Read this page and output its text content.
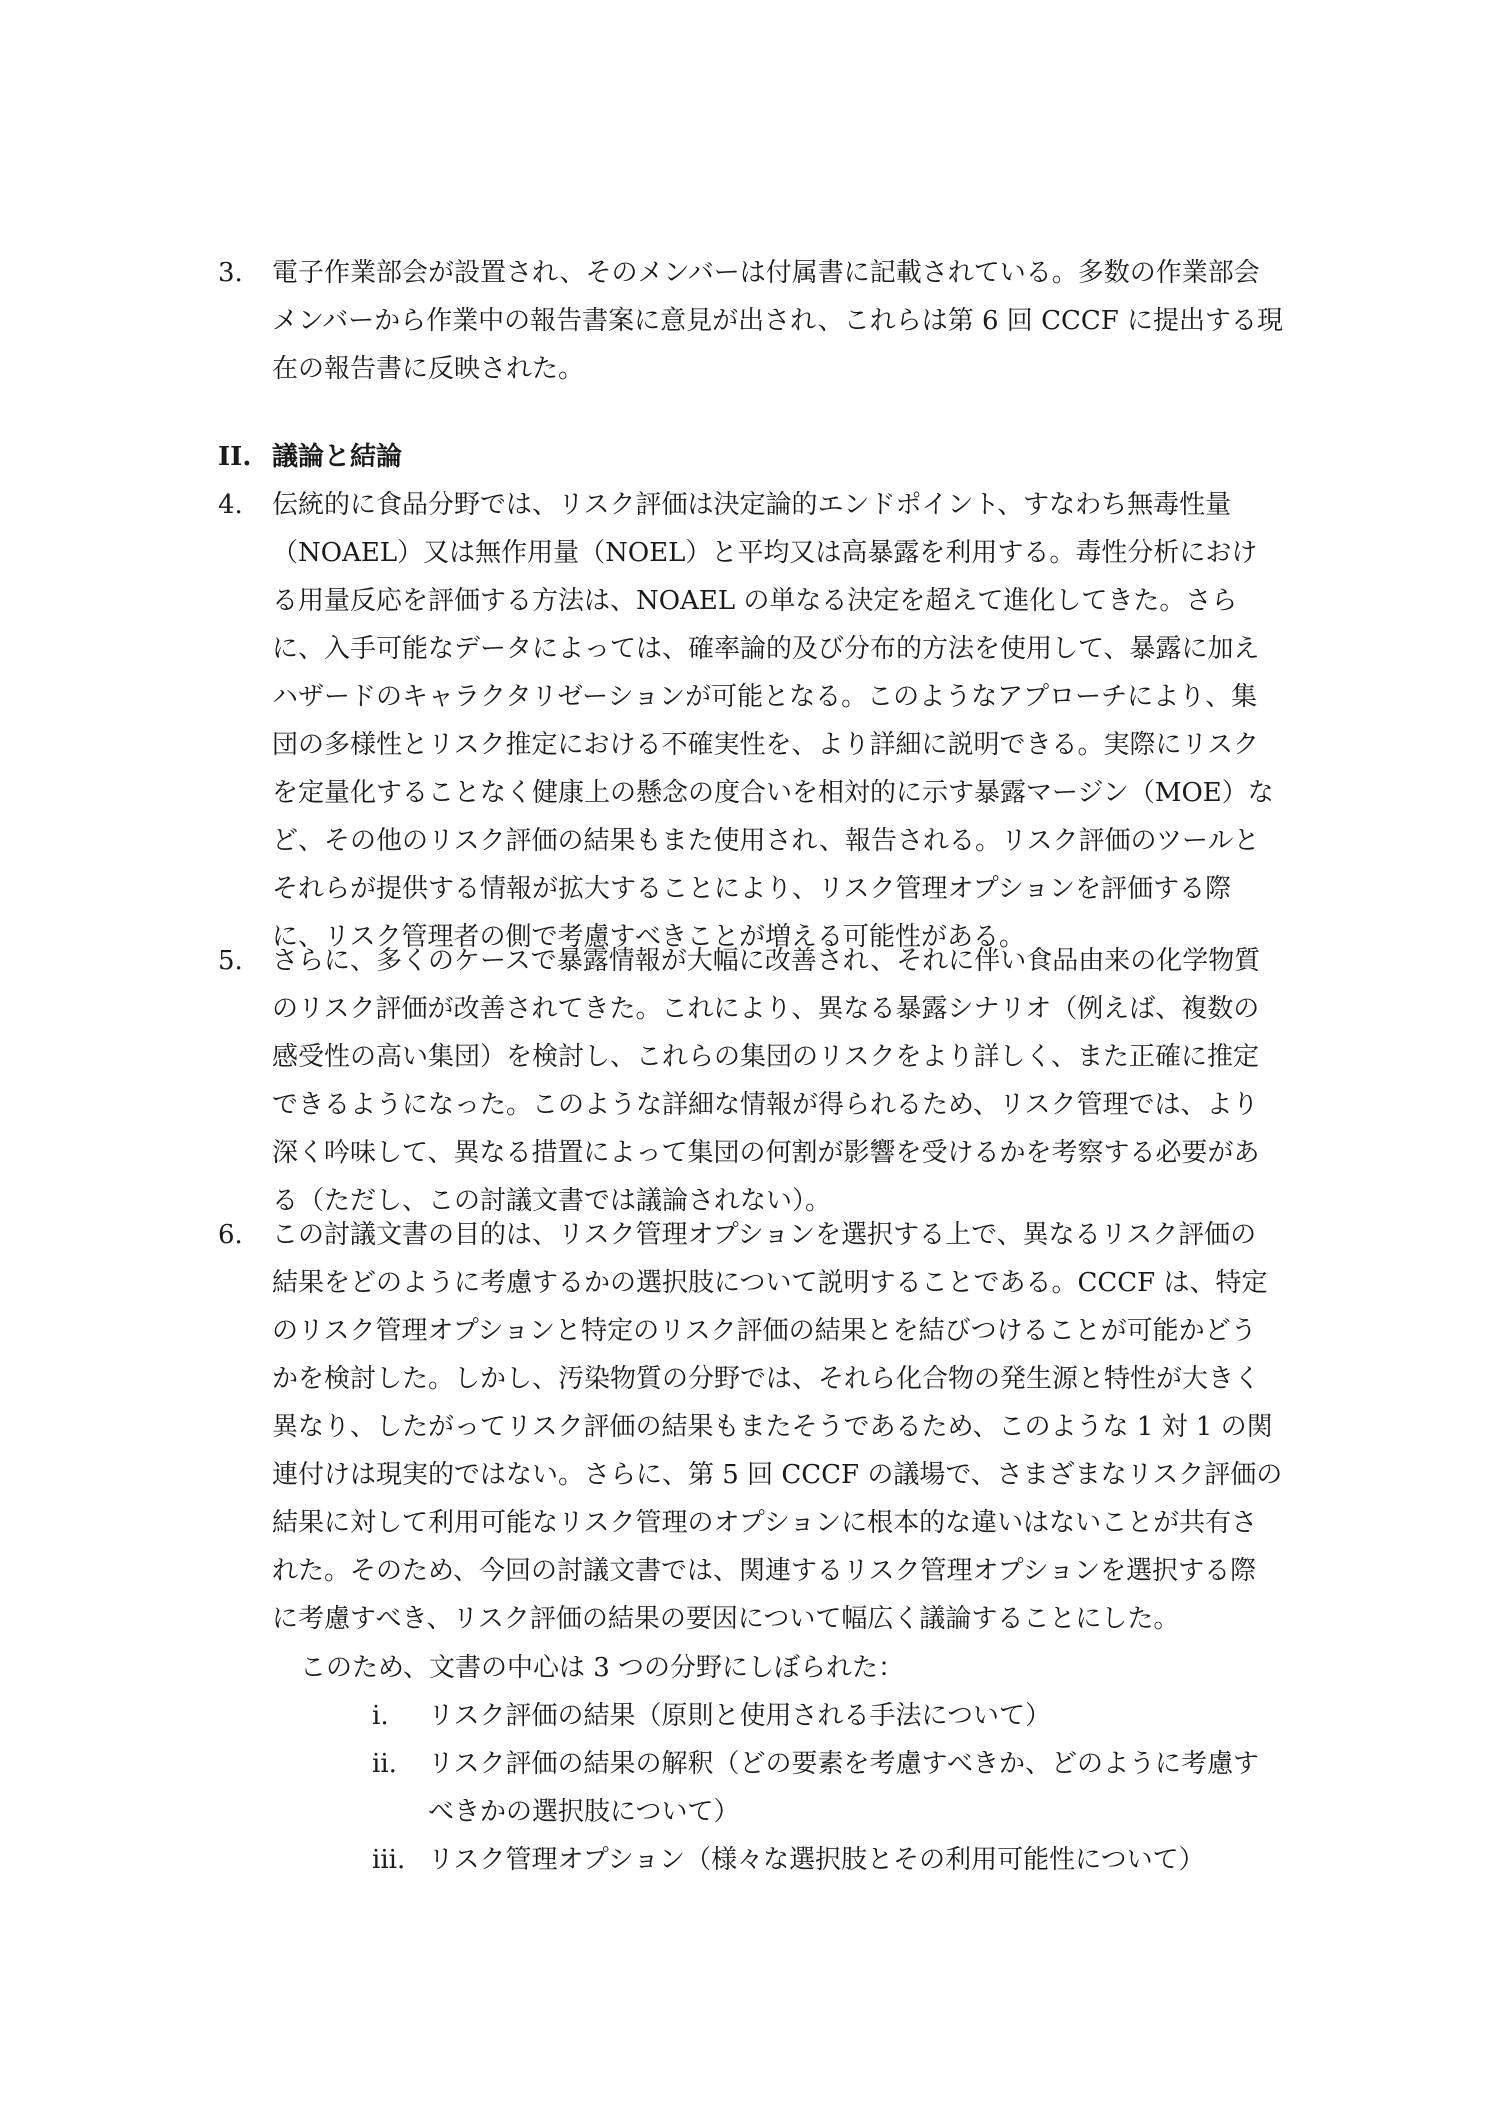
3.	電子作業部会が設置され、そのメンバーは付属書に記載されている。多数の作業部会
メンバーから作業中の報告書案に意見が出され、これらは第 6 回 CCCF に提出する現
在の報告書に反映された。
II. 議論と結論
4.	伝統的に食品分野では、リスク評価は決定論的エンドポイント、すなわち無毒性量
（NOAEL）又は無作用量（NOEL）と平均又は高暴露を利用する。毒性分析におけ
る用量反応を評価する方法は、NOAEL の単なる決定を超えて進化してきた。さら
に、入手可能なデータによっては、確率論的及び分布的方法を使用して、暴露に加え
ハザードのキャラクタリゼーションが可能となる。このようなアプローチにより、集
団の多様性とリスク推定における不確実性を、より詳細に説明できる。実際にリスク
を定量化することなく健康上の懸念の度合いを相対的に示す暴露マージン（MOE）な
ど、その他のリスク評価の結果もまた使用され、報告される。リスク評価のツールと
それらが提供する情報が拡大することにより、リスク管理オプションを評価する際
に、リスク管理者の側で考慮すべきことが増える可能性がある。
5.	さらに、多くのケースで暴露情報が大幅に改善され、それに伴い食品由来の化学物質
のリスク評価が改善されてきた。これにより、異なる暴露シナリオ（例えば、複数の
感受性の高い集団）を検討し、これらの集団のリスクをより詳しく、また正確に推定
できるようになった。このような詳細な情報が得られるため、リスク管理では、より
深く吟味して、異なる措置によって集団の何割が影響を受けるかを考察する必要があ
る（ただし、この討議文書では議論されない）。
6.	この討議文書の目的は、リスク管理オプションを選択する上で、異なるリスク評価の
結果をどのように考慮するかの選択肢について説明することである。CCCF は、特定
のリスク管理オプションと特定のリスク評価の結果とを結びつけることが可能かどう
かを検討した。しかし、汚染物質の分野では、それら化合物の発生源と特性が大きく
異なり、したがってリスク評価の結果もまたそうであるため、このような 1 対 1 の関
連付けは現実的ではない。さらに、第 5 回 CCCF の議場で、さまざまなリスク評価の
結果に対して利用可能なリスク管理のオプションに根本的な違いはないことが共有さ
れた。そのため、今回の討議文書では、関連するリスク管理オプションを選択する際
に考慮すべき、リスク評価の結果の要因について幅広く議論することにした。
このため、文書の中心は 3 つの分野にしぼられた：
i.	リスク評価の結果（原則と使用される手法について）
ii.	リスク評価の結果の解釈（どの要素を考慮すべきか、どのように考慮す
べきかの選択肢について）
iii. リスク管理オプション（様々な選択肢とその利用可能性について）
